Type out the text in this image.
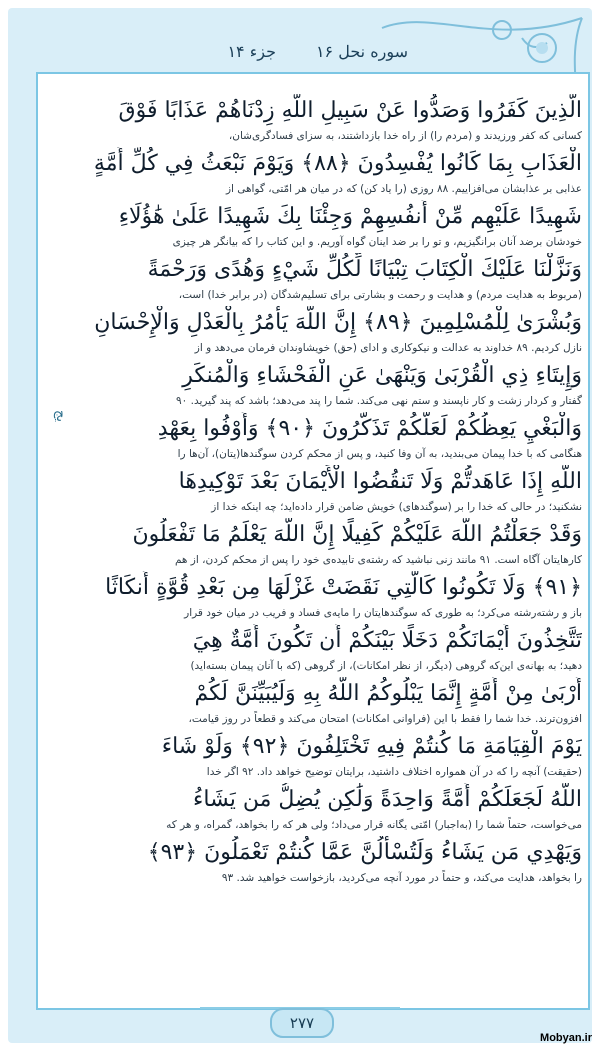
سوره نحل ۱۶
جزء ۱۴
الَّذِينَ كَفَرُوا وَصَدُّوا عَنْ سَبِيلِ اللَّهِ زِدْنَاهُمْ عَذَابًا فَوْقَ
کسانی که کفر ورزیدند و (مردم را) از راه خدا بازداشتند، به سزای فسادگری‌شان،
الْعَذَابِ بِمَا كَانُوا يُفْسِدُونَ ﴿٨٨﴾ وَيَوْمَ نَبْعَثُ فِي كُلِّ أُمَّةٍ
عذابی بر عذابشان می‌افزاییم. ۸۸ روزی (را یاد کن) که در میان هر امّتی، گواهی از
شَهِيدًا عَلَيْهِم مِّنْ أَنفُسِهِمْ وَجِئْنَا بِكَ شَهِيدًا عَلَىٰ هَٰؤُلَاءِ
خودشان برضد آنان برانگیزیم، و تو را بر ضد اینان گواه آوریم. و این کتاب را که بیانگر هر چیزی
وَنَزَّلْنَا عَلَيْكَ الْكِتَابَ تِبْيَانًا لِّكُلِّ شَيْءٍ وَهُدًى وَرَحْمَةً
(مربوط به هدایت مردم) و هدایت و رحمت و بشارتی برای تسلیم‌شدگان (در برابر خدا) است،
وَبُشْرَىٰ لِلْمُسْلِمِينَ ﴿٨٩﴾ إِنَّ اللَّهَ يَأْمُرُ بِالْعَدْلِ وَالْإِحْسَانِ
نازل کردیم. ۸۹ خداوند به عدالت و نیکوکاری و ادای (حق) خویشاوندان فرمان می‌دهد و از
وَإِيتَاءِ ذِي الْقُرْبَىٰ وَيَنْهَىٰ عَنِ الْفَحْشَاءِ وَالْمُنكَرِ
گفتار و کردار زشت و کار ناپسند و ستم نهی می‌کند. شما را پند می‌دهد؛ باشد که پند گیرید. ۹۰
وَالْبَغْيِ يَعِظُكُمْ لَعَلَّكُمْ تَذَكَّرُونَ ﴿٩٠﴾ وَأَوْفُوا بِعَهْدِ
هنگامی که با خدا پیمان می‌بندید، به آن وفا کنید، و پس از محکم کردن سوگندها(یتان)، آن‌ها را
اللَّهِ إِذَا عَاهَدتُّمْ وَلَا تَنقُضُوا الْأَيْمَانَ بَعْدَ تَوْكِيدِهَا
نشکنید؛ در حالی که خدا را بر (سوگندهای) خویش ضامن قرار داده‌اید؛ چه اینکه خدا از
وَقَدْ جَعَلْتُمُ اللَّهَ عَلَيْكُمْ كَفِيلًا إِنَّ اللَّهَ يَعْلَمُ مَا تَفْعَلُونَ
کارهایتان آگاه است. ۹۱ مانند زنی نباشید که رشته‌ی تابیده‌ی خود را پس از محکم کردن، از هم
﴿٩١﴾ وَلَا تَكُونُوا كَالَّتِي نَقَضَتْ غَزْلَهَا مِن بَعْدِ قُوَّةٍ أَنكَاثًا
باز و رشته‌رشته می‌کرد؛ به طوری که سوگندهایتان را مایه‌ی فساد و فریب در میان خود قرار
تَتَّخِذُونَ أَيْمَانَكُمْ دَخَلًا بَيْنَكُمْ أَن تَكُونَ أُمَّةٌ هِيَ
دهید؛ به بهانه‌ی این‌که گروهی (دیگر، از نظر امکانات)، از گروهی (که با آنان پیمان بسته‌اید)
أَرْبَىٰ مِنْ أُمَّةٍ إِنَّمَا يَبْلُوكُمُ اللَّهُ بِهِ وَلَيُبَيِّنَنَّ لَكُمْ
افزون‌ترند. خدا شما را فقط با این (فراوانی امکانات) امتحان می‌کند و قطعاً در روز قیامت،
يَوْمَ الْقِيَامَةِ مَا كُنتُمْ فِيهِ تَخْتَلِفُونَ ﴿٩٢﴾ وَلَوْ شَاءَ
(حقیقت) آنچه را که در آن همواره اختلاف داشتید، برایتان توضیح خواهد داد. ۹۲ اگر خدا
اللَّهُ لَجَعَلَكُمْ أُمَّةً وَاحِدَةً وَلَٰكِن يُضِلُّ مَن يَشَاءُ
می‌خواست، حتماً شما را (به‌اجبار) امّتی یگانه قرار می‌داد؛ ولی هر که را بخواهد، گمراه، و هر که
وَيَهْدِي مَن يَشَاءُ وَلَتُسْأَلُنَّ عَمَّا كُنتُمْ تَعْمَلُونَ ﴿٩٣﴾
را بخواهد، هدایت می‌کند، و حتماً در مورد آنچه می‌کردید، بازخواست خواهید شد. ۹۳
یج
۲۷۷
Mobyan.ir
